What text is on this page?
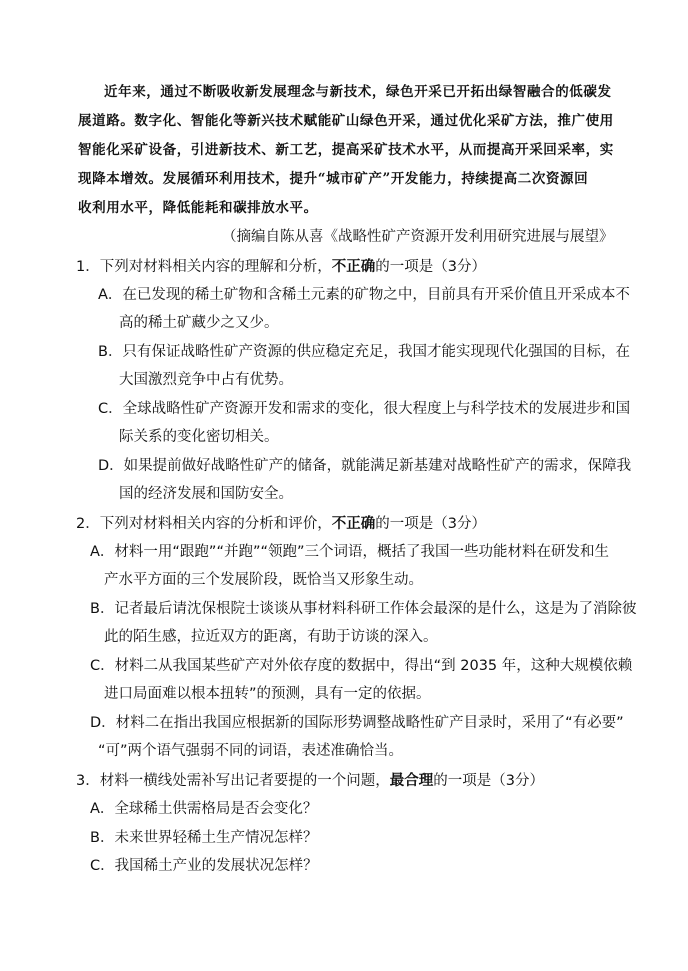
近年来，通过不断吸收新发展理念与新技术，绿色开采已开拓出绿智融合的低碳发
展道路。数字化、智能化等新兴技术赋能矿山绿色开采，通过优化采矿方法，推广使用
智能化采矿设备，引进新技术、新工艺，提高采矿技术水平，从而提高开采回采率，实
现降本增效。发展循环利用技术，提升“城市矿产”开发能力，持续提高二次资源回
收利用水平，降低能耗和碳排放水平。
（摘编自陈从喜《战略性矿产资源开发利用研究进展与展望》
1．下列对材料相关内容的理解和分析，不正确的一项是（3分）
A．在已发现的稀土矿物和含稀土元素的矿物之中，目前具有开采价值且开采成本不
高的稀土矿藏少之又少。
B．只有保证战略性矿产资源的供应稳定充足，我国才能实现现代化强国的目标，在
大国激烈竞争中占有优势。
C．全球战略性矿产资源开发和需求的变化，很大程度上与科学技术的发展进步和国
际关系的变化密切相关。
D．如果提前做好战略性矿产的储备，就能满足新基建对战略性矿产的需求，保障我
国的经济发展和国防安全。
2．下列对材料相关内容的分析和评价，不正确的一项是（3分）
A．材料一用“跟跑”“并跑”“领跑”三个词语，概括了我国一些功能材料在研发和生
产水平方面的三个发展阶段，既恰当又形象生动。
B．记者最后请沈保根院士谈谈从事材料科研工作体会最深的是什么，这是为了消除彼
此的陌生感，拉近双方的距离，有助于访谈的深入。
C．材料二从我国某些矿产对外依存度的数据中，得出“到 2035 年，这种大规模依赖
进口局面难以根本扭转”的预测，具有一定的依据。
D．材料二在指出我国应根据新的国际形势调整战略性矿产目录时，采用了“有必要”
“可”两个语气强弱不同的词语，表述准确恰当。
3．材料一横线处需补写出记者要提的一个问题，最合理的一项是（3分）
A．全球稀土供需格局是否会变化？
B．未来世界轻稀土生产情况怎样？
C．我国稀土产业的发展状况怎样？
